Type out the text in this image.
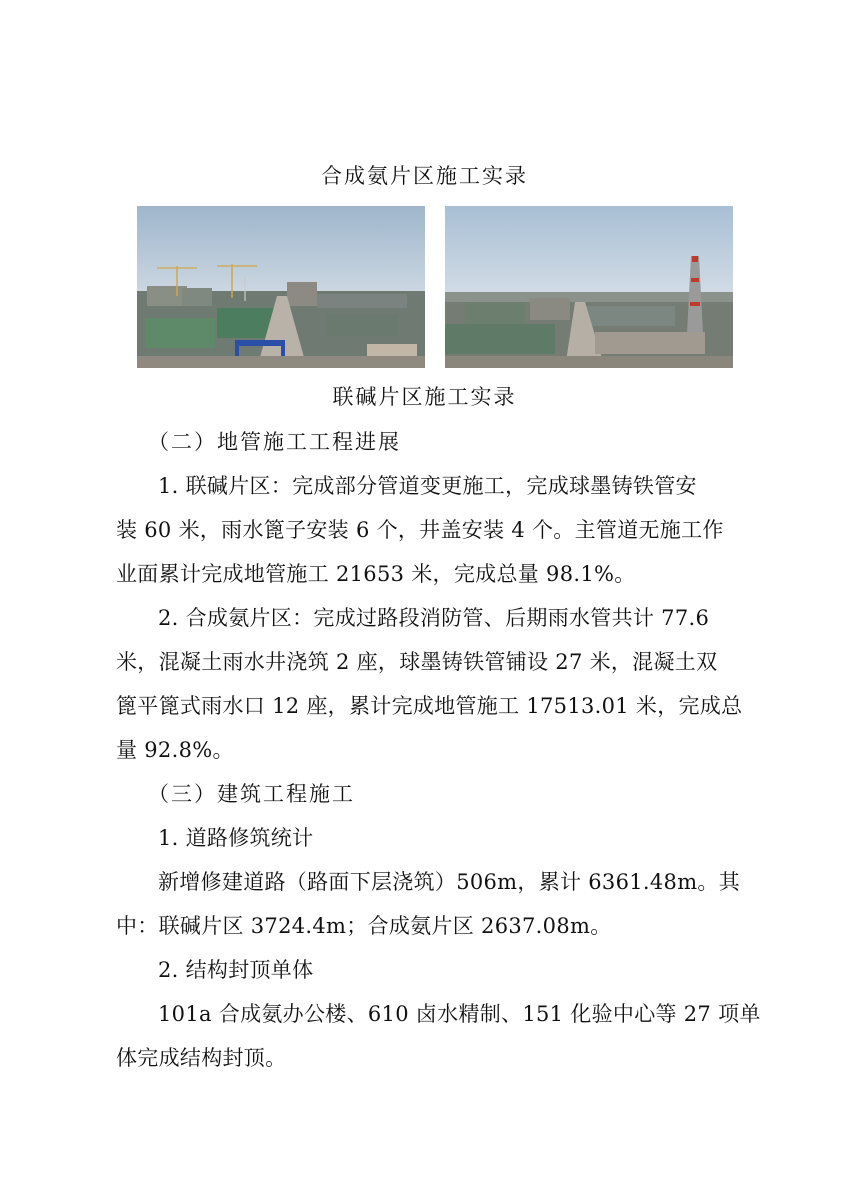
合成氨片区施工实录
联碱片区施工实录
（二）地管施工工程进展
1. 联碱片区：完成部分管道变更施工，完成球墨铸铁管安
装 60 米，雨水篦子安装 6 个，井盖安装 4 个。主管道无施工作
业面累计完成地管施工 21653 米，完成总量 98.1%。
2. 合成氨片区：完成过路段消防管、后期雨水管共计 77.6
米，混凝土雨水井浇筑 2 座，球墨铸铁管铺设 27 米，混凝土双
篦平篦式雨水口 12 座，累计完成地管施工 17513.01 米，完成总
量 92.8%。
（三）建筑工程施工
1. 道路修筑统计
新增修建道路（路面下层浇筑）506m，累计 6361.48m。其
中：联碱片区 3724.4m；合成氨片区 2637.08m。
2. 结构封顶单体
101a 合成氨办公楼、610 卤水精制、151 化验中心等 27 项单
体完成结构封顶。
